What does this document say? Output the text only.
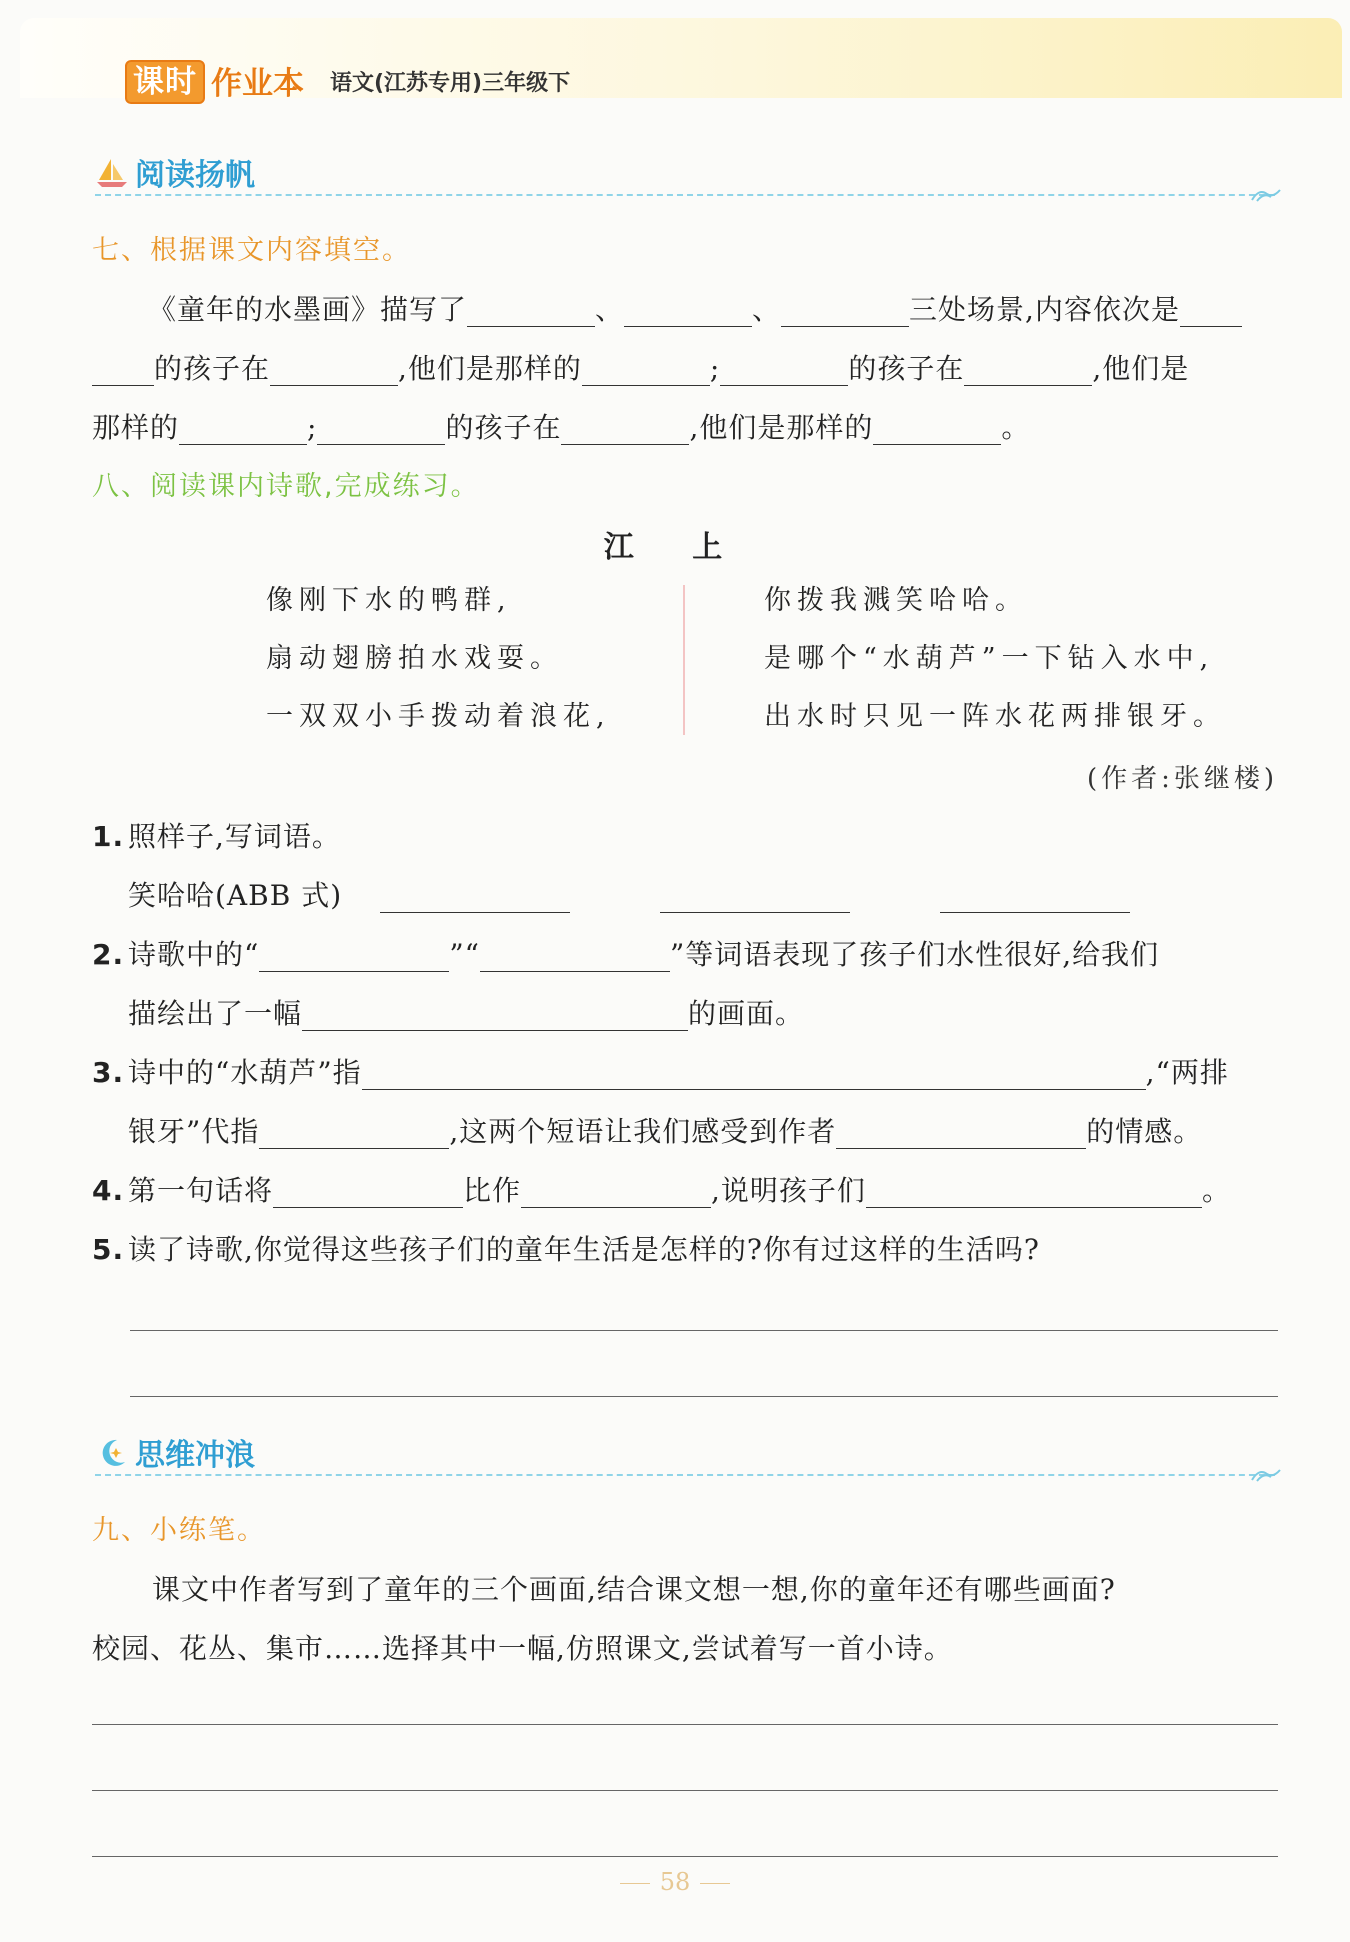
课时 作业本 语文(江苏专用)三年级下
阅读扬帆
七、根据课文内容填空。
《童年的水墨画》描写了	、	、	三处场景,内容依次是
的孩子在	,他们是那样的	;	的孩子在	,他们是
那样的	;	的孩子在	,他们是那样的	。
八、阅读课内诗歌,完成练习。
江 上
像刚下水的鸭群,
扇动翅膀拍水戏耍。
一双双小手拨动着浪花,
你拨我溅笑哈哈。
是哪个“水葫芦”一下钻入水中,
出水时只见一阵水花两排银牙。
(作者:张继楼)
1. 照样子,写词语。
笑哈哈(ABB 式)
2. 诗歌中的“	”“	”等词语表现了孩子们水性很好,给我们
描绘出了一幅	的画面。
3. 诗中的“水葫芦”指	,“两排
银牙”代指	,这两个短语让我们感受到作者	的情感。
4. 第一句话将	比作	,说明孩子们	。
5. 读了诗歌,你觉得这些孩子们的童年生活是怎样的?你有过这样的生活吗?
思维冲浪
九、小练笔。
课文中作者写到了童年的三个画面,结合课文想一想,你的童年还有哪些画面?
校园、花丛、集市……选择其中一幅,仿照课文,尝试着写一首小诗。
58
